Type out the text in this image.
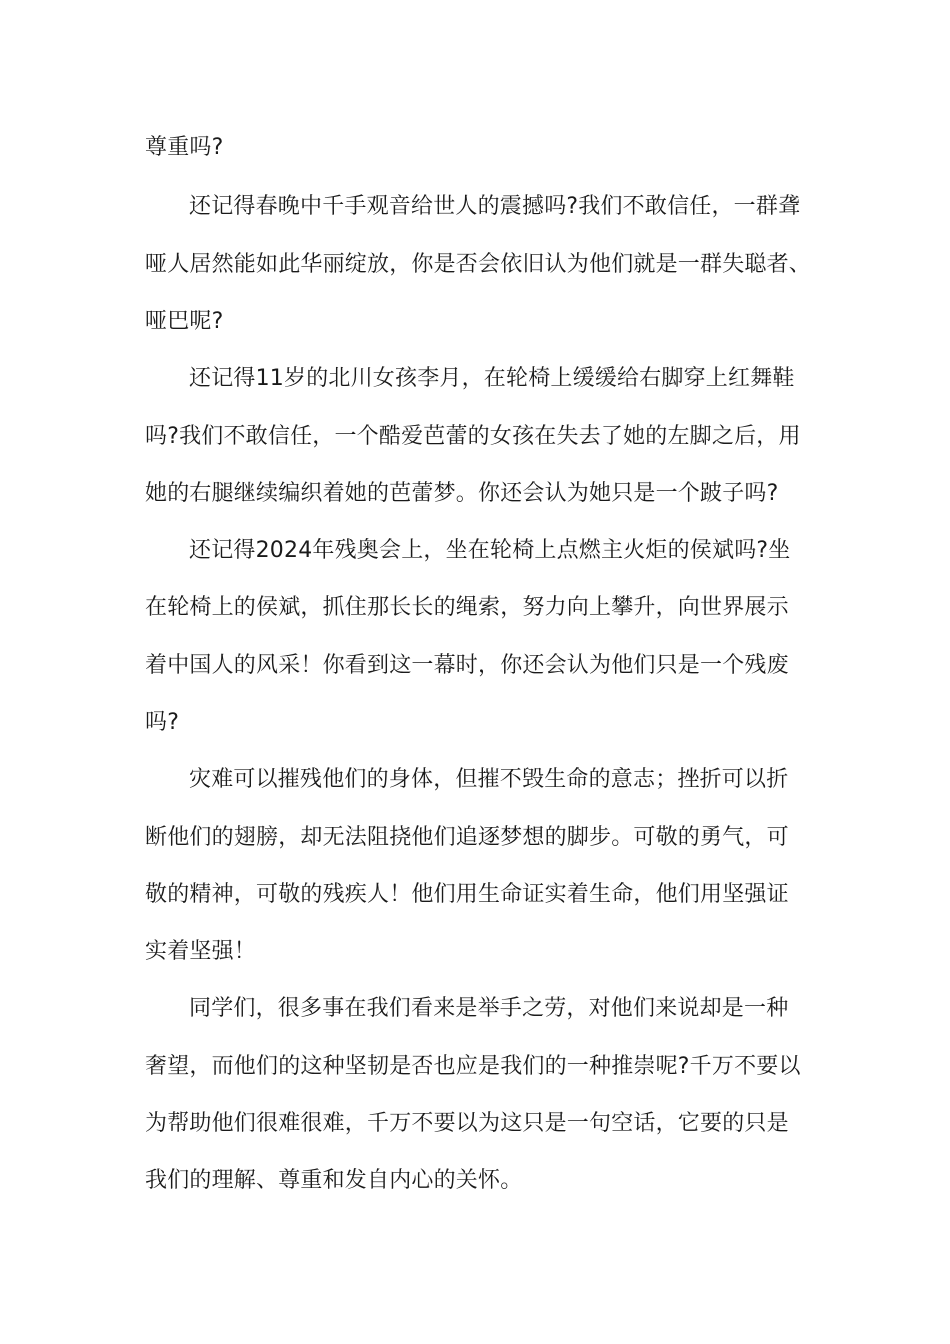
尊重吗?
还记得春晚中千手观音给世人的震撼吗?我们不敢信任，一群聋
哑人居然能如此华丽绽放，你是否会依旧认为他们就是一群失聪者、
哑巴呢?
还记得11岁的北川女孩李月，在轮椅上缓缓给右脚穿上红舞鞋
吗?我们不敢信任，一个酷爱芭蕾的女孩在失去了她的左脚之后，用
她的右腿继续编织着她的芭蕾梦。你还会认为她只是一个跛子吗?
还记得2024年残奥会上，坐在轮椅上点燃主火炬的侯斌吗?坐
在轮椅上的侯斌，抓住那长长的绳索，努力向上攀升，向世界展示
着中国人的风采！你看到这一幕时，你还会认为他们只是一个残废
吗?
灾难可以摧残他们的身体，但摧不毁生命的意志；挫折可以折
断他们的翅膀，却无法阻挠他们追逐梦想的脚步。可敬的勇气，可
敬的精神，可敬的残疾人！他们用生命证实着生命，他们用坚强证
实着坚强！
同学们，很多事在我们看来是举手之劳，对他们来说却是一种
奢望，而他们的这种坚韧是否也应是我们的一种推崇呢?千万不要以
为帮助他们很难很难，千万不要以为这只是一句空话，它要的只是
我们的理解、尊重和发自内心的关怀。
